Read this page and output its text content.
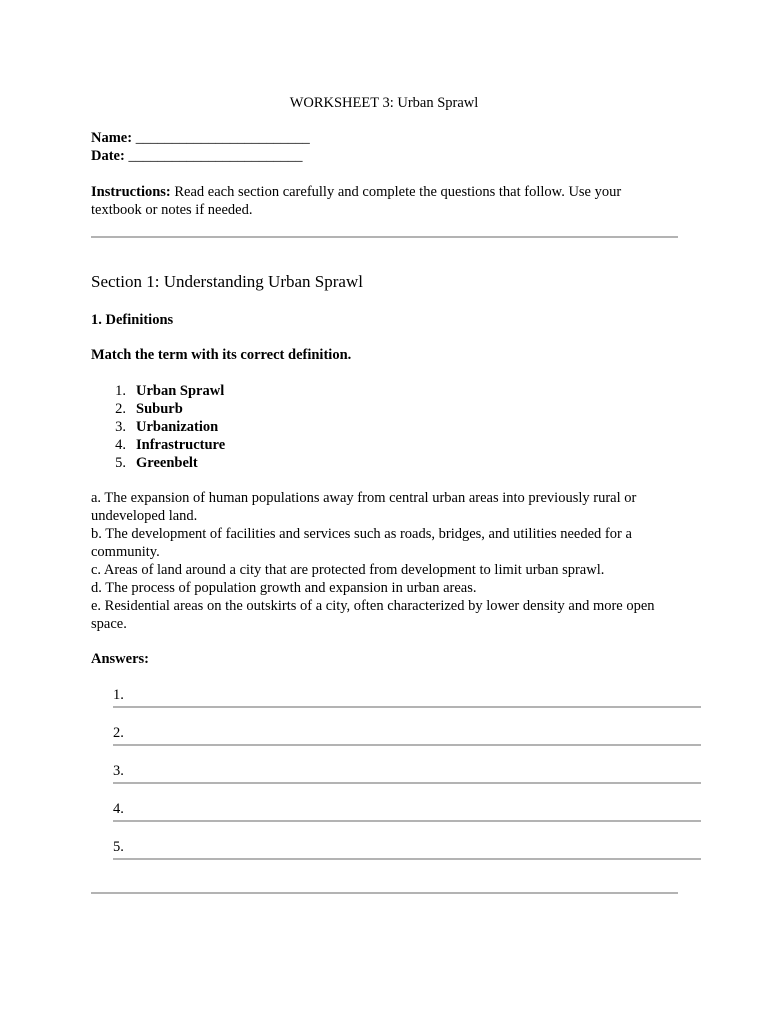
WORKSHEET 3: Urban Sprawl
Name: ________________________
Date: ________________________
Instructions: Read each section carefully and complete the questions that follow. Use your
textbook or notes if needed.
Section 1: Understanding Urban Sprawl
1. Definitions
Match the term with its correct definition.
1. Urban Sprawl
2. Suburb
3. Urbanization
4. Infrastructure
5. Greenbelt
a. The expansion of human populations away from central urban areas into previously rural or
undeveloped land.
b. The development of facilities and services such as roads, bridges, and utilities needed for a
community.
c. Areas of land around a city that are protected from development to limit urban sprawl.
d. The process of population growth and expansion in urban areas.
e. Residential areas on the outskirts of a city, often characterized by lower density and more open
space.
Answers:
1.
2.
3.
4.
5.
